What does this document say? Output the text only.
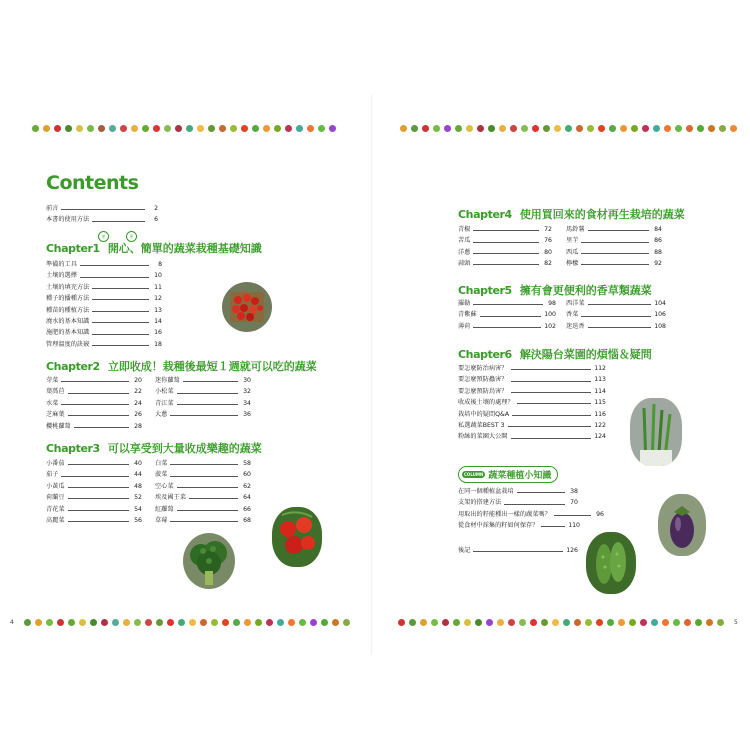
Contents
前言	2
本書的使用方法	6
Chapter1 開心、簡單的蔬菜栽種基礎知識
更	更
準備的工具	8
土壤的選擇	10
土壤的填充方法	11
種子的播種方法	12
種苗的種植方法	13
澆水的基本知識	14
施肥的基本知識	16
管理溫度的訣竅	18
Chapter2 立即收成！栽種後最短１週就可以吃的蔬菜
芽菜	20
葉萵苣	22
水菜	24
芝麻葉	26
櫻桃蘿蔔	28
迷你蘿蔔	30
小松菜	32
青江菜	34
大蔥	36
Chapter3 可以享受到大量收成樂趣的蔬菜
小番茄	40
茄子	44
小黃瓜	48
荷蘭豆	52
青花菜	54
高麗菜	56
白菜	58
菠菜	60
空心菜	62
埃及國王菜	64
紅蘿蔔	66
草莓	68
4
Chapter4 使用買回來的食材再生栽培的蔬菜
青椒	72
苦瓜	76
洋蔥	80
蒜頭	82
馬鈴薯	84
里芋	86
西瓜	88
檸檬	92
Chapter5 擁有會更便利的香草類蔬菜
羅勒	98
青紫蘇	100
薄荷	102
西洋菜	104
香菜	106
迷迭香	108
Chapter6 解決陽台菜園的煩惱＆疑問
要怎麼防治病害？	112
要怎麼預防蟲害？	113
要怎麼預防鳥害？	114
收成後土壤的處理？	115
栽培中的疑問Q&A	116
私選蔬菜BEST 3	122
粉絲的菜園大公開	124
COLUMN 蔬菜種植小知識
在同一個種植盆栽培	38
支架的搭建方法	70
用取出的籽能種出一樣的蔬菜嗎？	96
從食材中採集的籽如何保存？	110
後記	126
5
